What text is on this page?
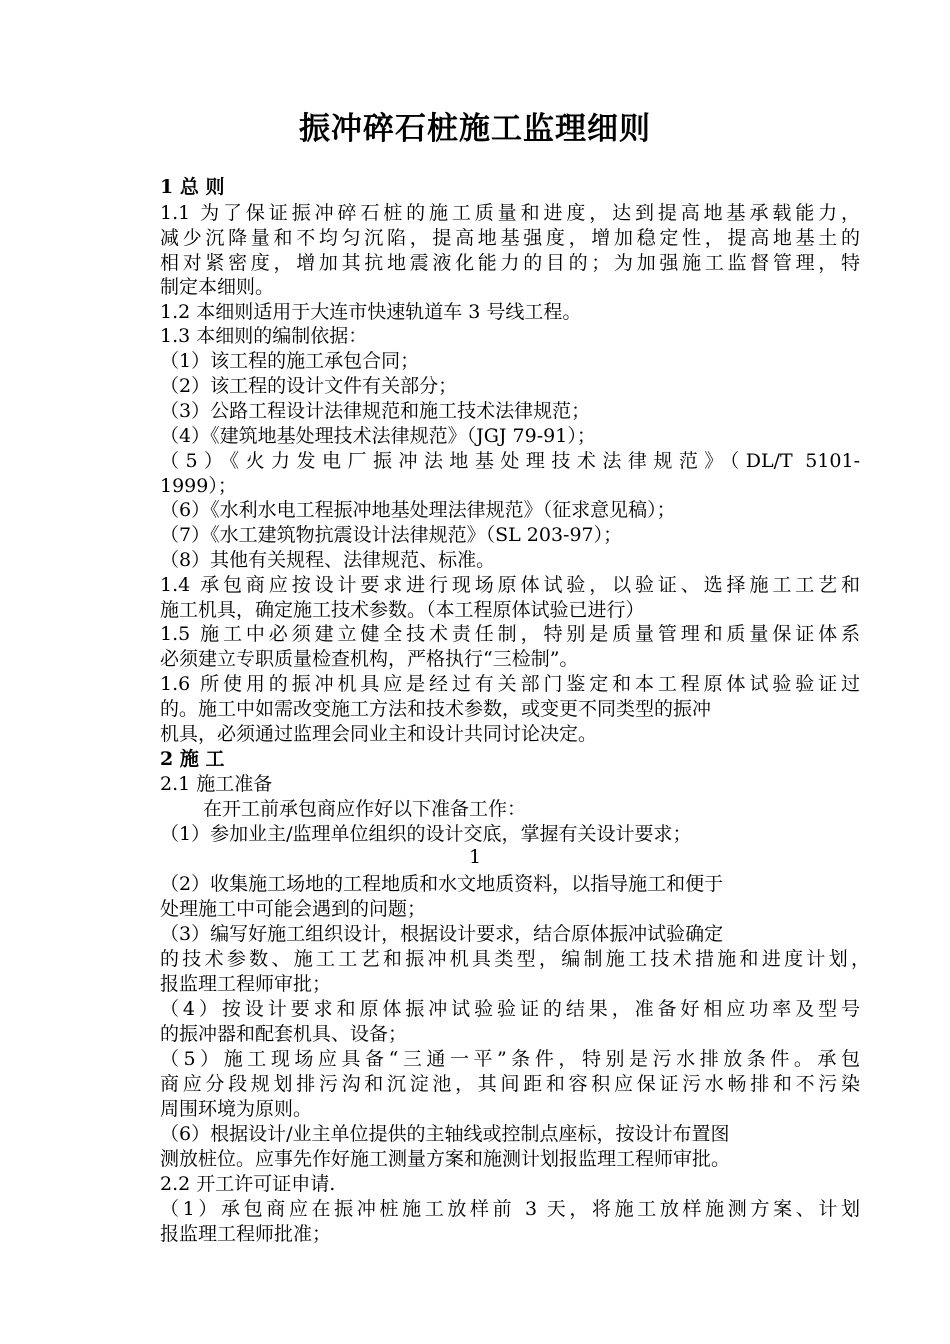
振冲碎石桩施工监理细则
1 总 则
1.1 为了保证振冲碎石桩的施工质量和进度，达到提高地基承载能力，
减少沉降量和不均匀沉陷，提高地基强度，增加稳定性，提高地基土的
相对紧密度，增加其抗地震液化能力的目的；为加强施工监督管理，特
制定本细则。
1.2 本细则适用于大连市快速轨道车 3 号线工程。
1.3 本细则的编制依据：
（1）该工程的施工承包合同；
（2）该工程的设计文件有关部分；
（3）公路工程设计法律规范和施工技术法律规范；
（4）《建筑地基处理技术法律规范》（JGJ 79-91）；
（5）《火力发电厂振冲法地基处理技术法律规范》（DL/T 5101-
1999）；
（6）《水利水电工程振冲地基处理法律规范》（征求意见稿）；
（7）《水工建筑物抗震设计法律规范》（SL 203-97）；
（8）其他有关规程、法律规范、标准。
1.4 承包商应按设计要求进行现场原体试验，以验证、选择施工工艺和
施工机具，确定施工技术参数。（本工程原体试验已进行）
1.5 施工中必须建立健全技术责任制，特别是质量管理和质量保证体系
必须建立专职质量检查机构，严格执行“三检制”。
1.6 所使用的振冲机具应是经过有关部门鉴定和本工程原体试验验证过
的。施工中如需改变施工方法和技术参数，或变更不同类型的振冲
机具，必须通过监理会同业主和设计共同讨论决定。
2 施 工
2.1 施工准备
在开工前承包商应作好以下准备工作：
（1）参加业主/监理单位组织的设计交底，掌握有关设计要求；
1
（2）收集施工场地的工程地质和水文地质资料，以指导施工和便于
处理施工中可能会遇到的问题；
（3）编写好施工组织设计，根据设计要求，结合原体振冲试验确定
的技术参数、施工工艺和振冲机具类型，编制施工技术措施和进度计划，
报监理工程师审批；
（4）按设计要求和原体振冲试验验证的结果，准备好相应功率及型号
的振冲器和配套机具、设备；
（5）施工现场应具备“三通一平”条件，特别是污水排放条件。承包
商应分段规划排污沟和沉淀池，其间距和容积应保证污水畅排和不污染
周围环境为原则。
（6）根据设计/业主单位提供的主轴线或控制点座标，按设计布置图
测放桩位。应事先作好施工测量方案和施测计划报监理工程师审批。
2.2 开工许可证申请.
（1）承包商应在振冲桩施工放样前 3 天，将施工放样施测方案、计划
报监理工程师批准；
